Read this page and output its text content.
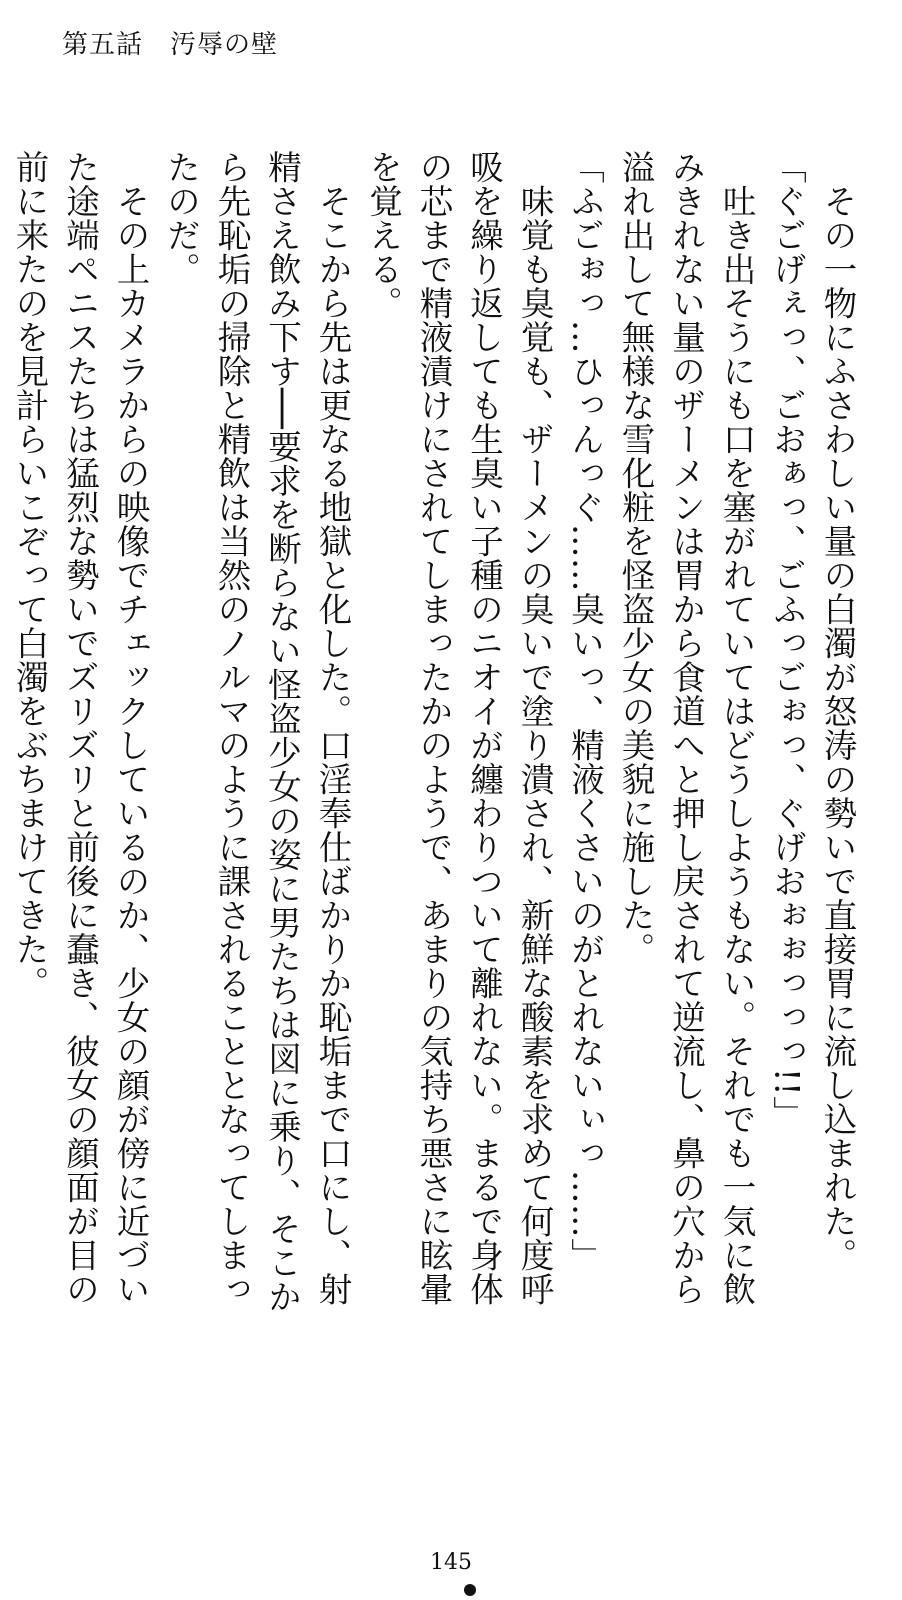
第五話　汚辱の壁

　その一物にふさわしい量の白濁が怒涛の勢いで直接胃に流し込まれた。

「ぐごげぇっ、ごおぁっ、ごふっごぉっ、ぐげおぉぉっっっ!!」

　吐き出そうにも口を塞がれていてはどうしようもない。それでも一気に飲みきれない量のザーメンは胃から食道へと押し戻されて逆流し、鼻の穴から溢れ出して無様な雪化粧を怪盗少女の美貌に施した。

「ふごぉっ…ひっんっぐ……臭いっ、精液くさいのがとれないぃっ……」

　味覚も臭覚も、ザーメンの臭いで塗り潰され、新鮮な酸素を求めて何度呼吸を繰り返しても生臭い子種のニオイが纏わりついて離れない。まるで身体の芯まで精液漬けにされてしまったかのようで、あまりの気持ち悪さに眩暈を覚える。

　そこから先は更なる地獄と化した。口淫奉仕ばかりか恥垢まで口にし、射精さえ飲み下す──要求を断らない怪盗少女の姿に男たちは図に乗り、そこから先恥垢の掃除と精飲は当然のノルマのように課されることとなってしまったのだ。

　その上カメラからの映像でチェックしているのか、少女の顔が傍に近づいた途端ペニスたちは猛烈な勢いでズリズリと前後に蠢き、彼女の顔面が目の前に来たのを見計らいこぞって白濁をぶちまけてきた。

145
